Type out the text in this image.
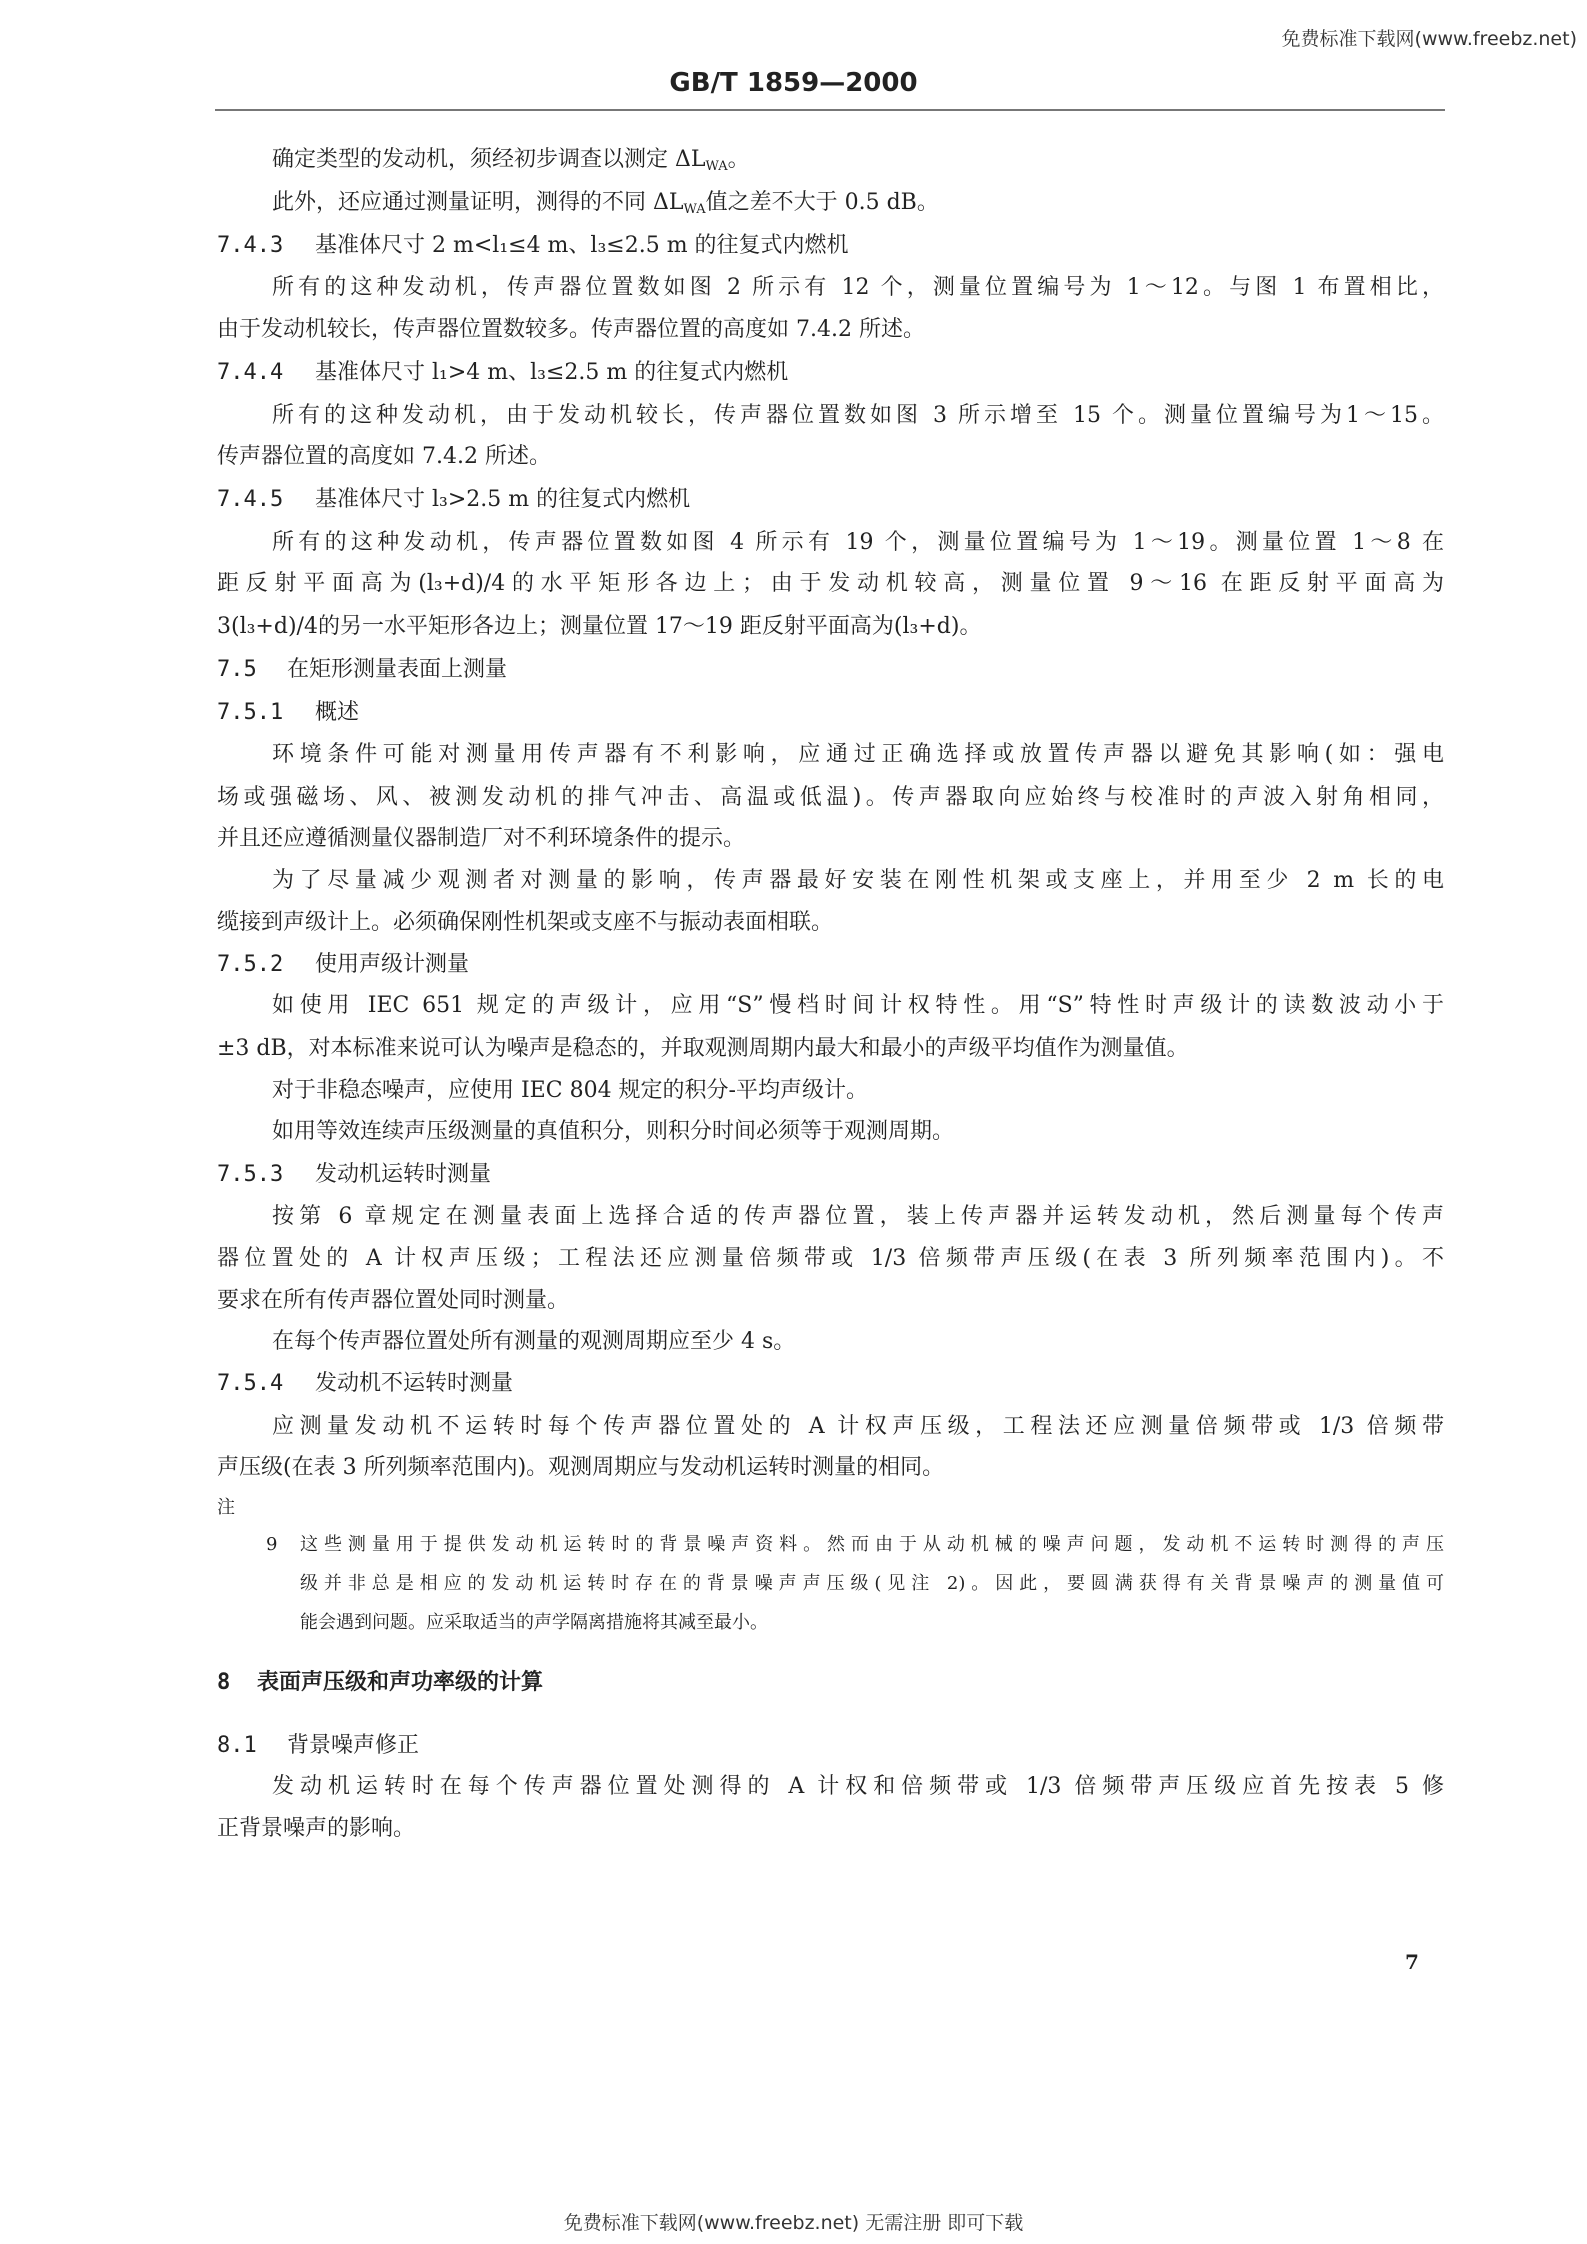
免费标准下载网(www.freebz.net)
GB/T 1859—2000
确定类型的发动机，须经初步调查以测定 $\Delta L_{WA}$。
此外，还应通过测量证明，测得的不同 $\Delta L_{WA}$值之差不大于 0.5 dB。
7.4.3 基准体尺寸 2 m<l₁≤4 m、l₃≤2.5 m 的往复式内燃机
所有的这种发动机，传声器位置数如图 2 所示有 12 个，测量位置编号为 1～12。与图 1 布置相比，
由于发动机较长，传声器位置数较多。传声器位置的高度如 7.4.2 所述。
7.4.4 基准体尺寸 l₁>4 m、l₃≤2.5 m 的往复式内燃机
所有的这种发动机，由于发动机较长，传声器位置数如图 3 所示增至 15 个。测量位置编号为1～15。
传声器位置的高度如 7.4.2 所述。
7.4.5 基准体尺寸 l₃>2.5 m 的往复式内燃机
所有的这种发动机，传声器位置数如图 4 所示有 19 个，测量位置编号为 1～19。测量位置 1～8 在
距反射平面高为(l₃+d)/4的水平矩形各边上；由于发动机较高，测量位置 9～16 在距反射平面高为
3(l₃+d)/4的另一水平矩形各边上；测量位置 17～19 距反射平面高为(l₃+d)。
7.5 在矩形测量表面上测量
7.5.1 概述
环境条件可能对测量用传声器有不利影响，应通过正确选择或放置传声器以避免其影响(如：强电
场或强磁场、风、被测发动机的排气冲击、高温或低温)。传声器取向应始终与校准时的声波入射角相同，
并且还应遵循测量仪器制造厂对不利环境条件的提示。
为了尽量减少观测者对测量的影响，传声器最好安装在刚性机架或支座上，并用至少 2 m 长的电
缆接到声级计上。必须确保刚性机架或支座不与振动表面相联。
7.5.2 使用声级计测量
如使用 IEC 651 规定的声级计，应用“S”慢档时间计权特性。用“S”特性时声级计的读数波动小于
±3 dB，对本标准来说可认为噪声是稳态的，并取观测周期内最大和最小的声级平均值作为测量值。
对于非稳态噪声，应使用 IEC 804 规定的积分-平均声级计。
如用等效连续声压级测量的真值积分，则积分时间必须等于观测周期。
7.5.3 发动机运转时测量
按第 6 章规定在测量表面上选择合适的传声器位置，装上传声器并运转发动机，然后测量每个传声
器位置处的 A 计权声压级；工程法还应测量倍频带或 1/3 倍频带声压级(在表 3 所列频率范围内)。不
要求在所有传声器位置处同时测量。
在每个传声器位置处所有测量的观测周期应至少 4 s。
7.5.4 发动机不运转时测量
应测量发动机不运转时每个传声器位置处的 A 计权声压级，工程法还应测量倍频带或 1/3 倍频带
声压级(在表 3 所列频率范围内)。观测周期应与发动机运转时测量的相同。
注
9	这些测量用于提供发动机运转时的背景噪声资料。然而由于从动机械的噪声问题，发动机不运转时测得的声压
级并非总是相应的发动机运转时存在的背景噪声声压级(见注 2)。因此，要圆满获得有关背景噪声的测量值可
能会遇到问题。应采取适当的声学隔离措施将其减至最小。
8 表面声压级和声功率级的计算
8.1 背景噪声修正
发动机运转时在每个传声器位置处测得的 A 计权和倍频带或 1/3 倍频带声压级应首先按表 5 修
正背景噪声的影响。
7
免费标准下载网(www.freebz.net) 无需注册 即可下载
